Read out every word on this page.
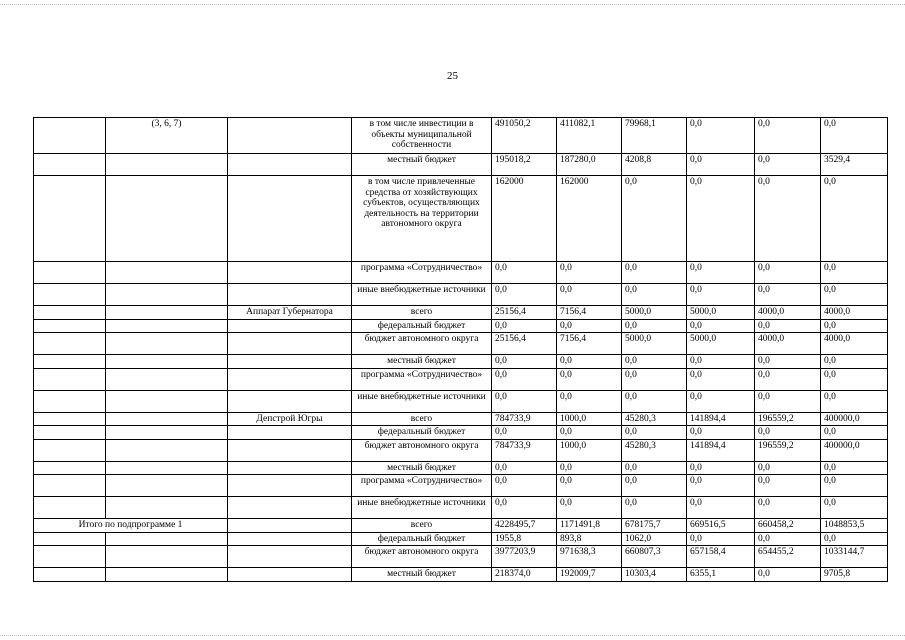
25
	(3, 6, 7)		в том числе инвестиции в объекты муниципальной собственности	491050,2	411082,1	79968,1	0,0	0,0	0,0
			местный бюджет	195018,2	187280,0	4208,8	0,0	0,0	3529,4
			в том числе привлеченные средства от хозяйствующих субъектов, осуществляющих деятельность на территории автономного округа	162000	162000	0,0	0,0	0,0	0,0
			программа «Сотрудничество»	0,0	0,0	0,0	0,0	0,0	0,0
			иные внебюджетные источники	0,0	0,0	0,0	0,0	0,0	0,0
		Аппарат Губернатора	всего	25156,4	7156,4	5000,0	5000,0	4000,0	4000,0
			федеральный бюджет	0,0	0,0	0,0	0,0	0,0	0,0
			бюджет автономного округа	25156,4	7156,4	5000,0	5000,0	4000,0	4000,0
			местный бюджет	0,0	0,0	0,0	0,0	0,0	0,0
			программа «Сотрудничество»	0,0	0,0	0,0	0,0	0,0	0,0
			иные внебюджетные источники	0,0	0,0	0,0	0,0	0,0	0,0
		Депстрой Югры	всего	784733,9	1000,0	45280,3	141894,4	196559,2	400000,0
			федеральный бюджет	0,0	0,0	0,0	0,0	0,0	0,0
			бюджет автономного округа	784733,9	1000,0	45280,3	141894,4	196559,2	400000,0
			местный бюджет	0,0	0,0	0,0	0,0	0,0	0,0
			программа «Сотрудничество»	0,0	0,0	0,0	0,0	0,0	0,0
			иные внебюджетные источники	0,0	0,0	0,0	0,0	0,0	0,0
Итого по подпрограмме 1			всего	4228495,7	1171491,8	678175,7	669516,5	660458,2	1048853,5
			федеральный бюджет	1955,8	893,8	1062,0	0,0	0,0	0,0
			бюджет автономного округа	3977203,9	971638,3	660807,3	657158,4	654455,2	1033144,7
			местный бюджет	218374,0	192009,7	10303,4	6355,1	0,0	9705,8
